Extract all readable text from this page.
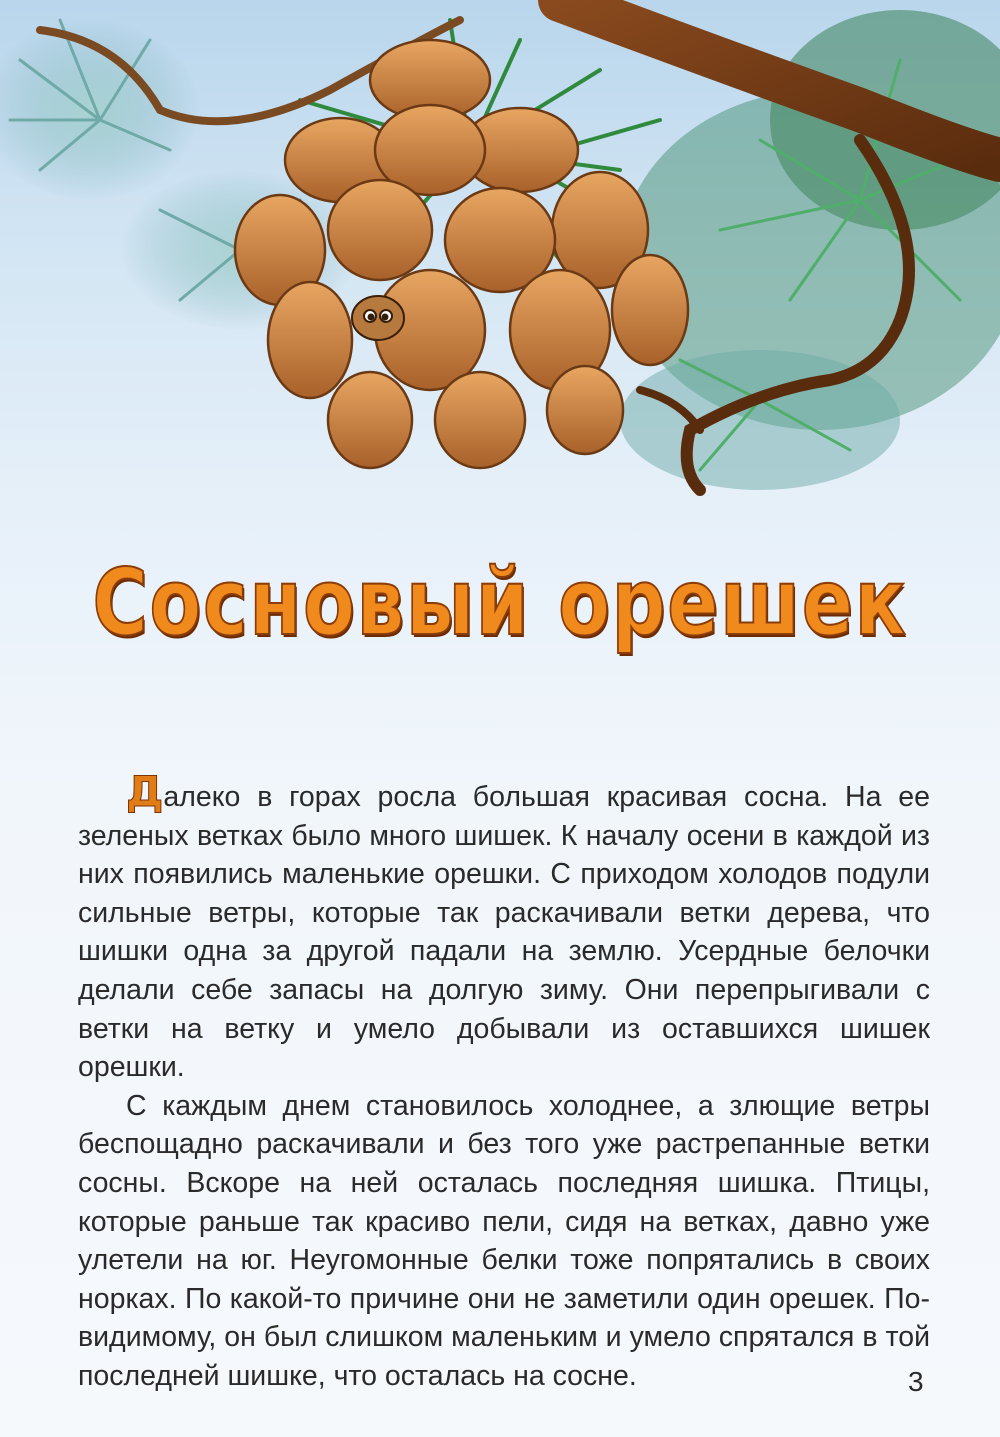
Сосновый орешек

Далеко в горах росла большая красивая сосна. На ее зеленых ветках было много шишек. К началу осени в каждой из них появились маленькие орешки. С приходом холодов подули сильные ветры, которые так раскачивали ветки дерева, что шишки одна за другой падали на землю. Усердные белочки делали себе запасы на долгую зиму. Они перепрыгивали с ветки на ветку и умело добывали из оставшихся шишек орешки.

С каждым днем становилось холоднее, а злющие ветры беспощадно раскачивали и без того уже растрепанные ветки сосны. Вскоре на ней осталась последняя шишка. Птицы, которые раньше так красиво пели, сидя на ветках, давно уже улетели на юг. Неугомонные белки тоже попрятались в своих норках. По какой-то причине они не заметили один орешек. По-видимому, он был слишком маленьким и умело спрятался в той последней шишке, что осталась на сосне.	3
